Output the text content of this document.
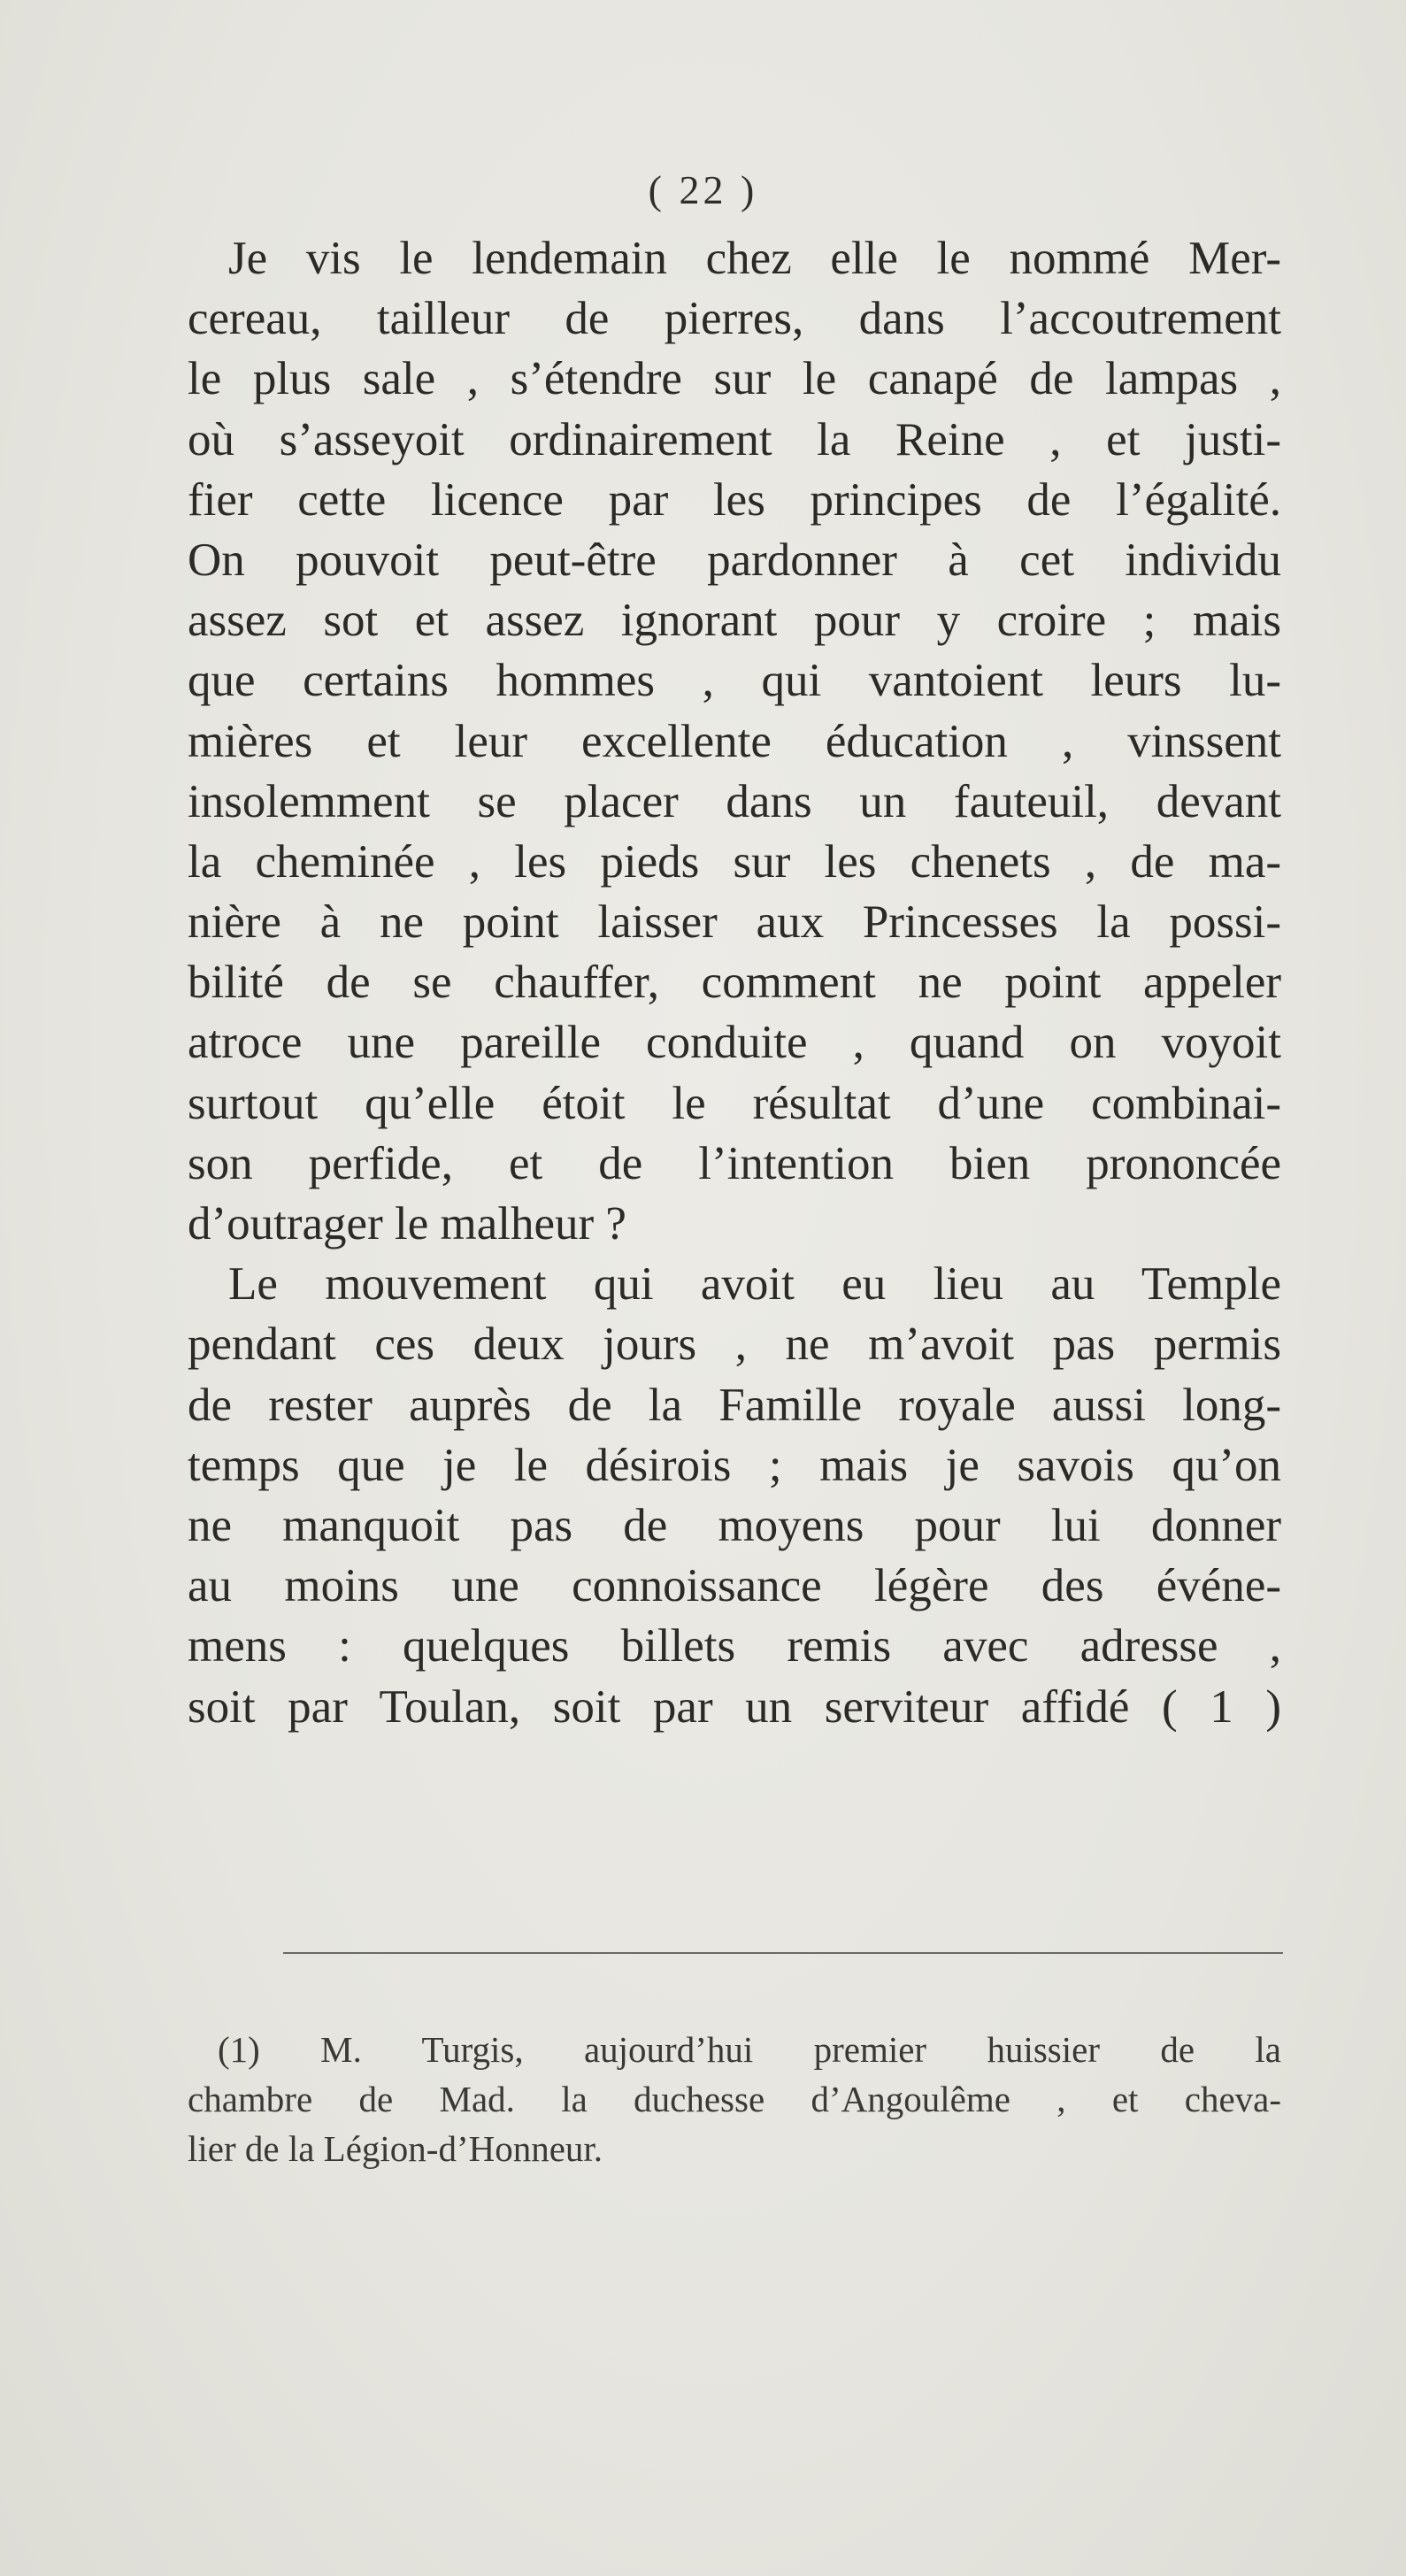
( 22 )
Je vis le lendemain chez elle le nommé Mer-
cereau, tailleur de pierres, dans l’accoutrement
le plus sale , s’étendre sur le canapé de lampas ,
où s’asseyoit ordinairement la Reine , et justi-
fier cette licence par les principes de l’égalité.
On pouvoit peut-être pardonner à cet individu
assez sot et assez ignorant pour y croire ; mais
que certains hommes , qui vantoient leurs lu-
mières et leur excellente éducation , vinssent
insolemment se placer dans un fauteuil, devant
la cheminée , les pieds sur les chenets , de ma-
nière à ne point laisser aux Princesses la possi-
bilité de se chauffer, comment ne point appeler
atroce une pareille conduite , quand on voyoit
surtout qu’elle étoit le résultat d’une combinai-
son perfide, et de l’intention bien prononcée
d’outrager le malheur ?
Le mouvement qui avoit eu lieu au Temple
pendant ces deux jours , ne m’avoit pas permis
de rester auprès de la Famille royale aussi long-
temps que je le désirois ; mais je savois qu’on
ne manquoit pas de moyens pour lui donner
au moins une connoissance légère des événe-
mens : quelques billets remis avec adresse ,
soit par Toulan, soit par un serviteur affidé ( 1 )
(1) M. Turgis, aujourd’hui premier huissier de la
chambre de Mad. la duchesse d’Angoulême , et cheva-
lier de la Légion-d’Honneur.
